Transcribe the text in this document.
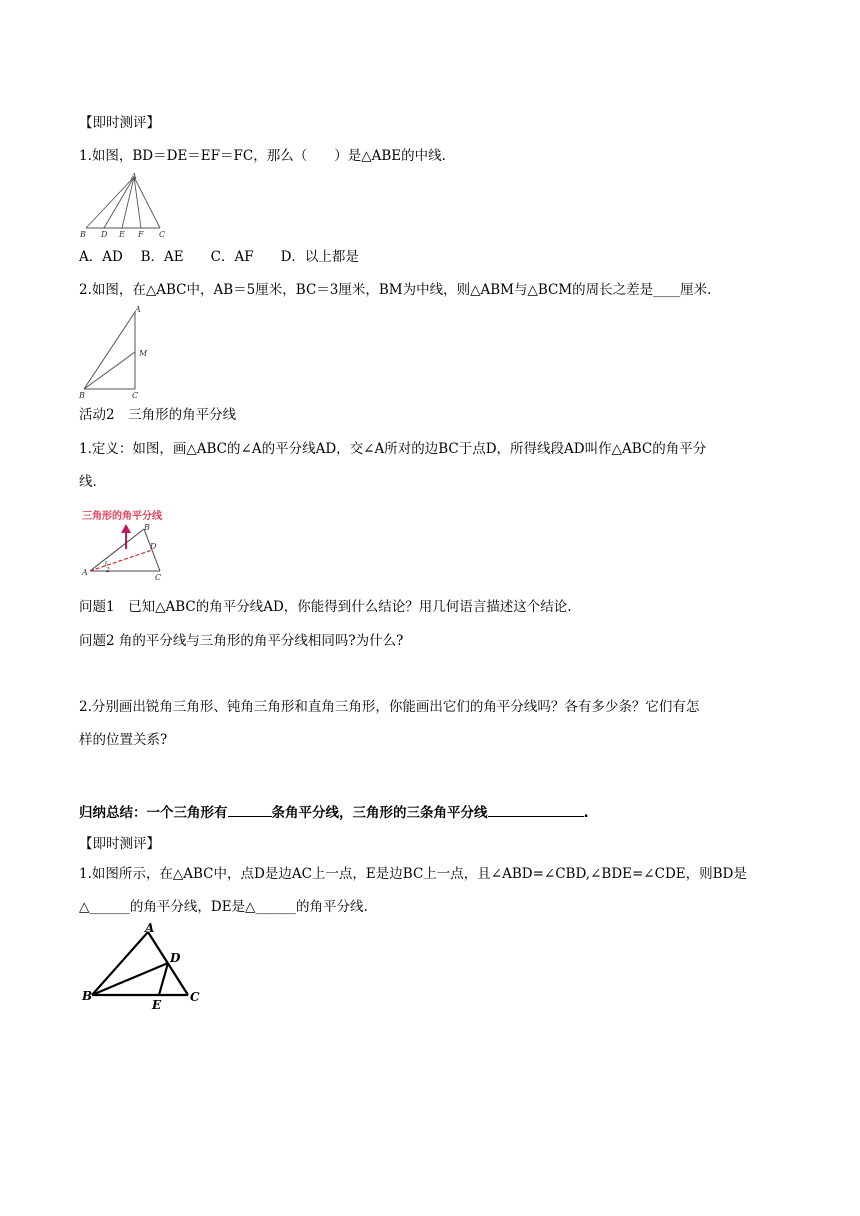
【即时测评】
1.如图，BD＝DE＝EF＝FC，那么（　　）是△ABE的中线.
A
B D E F C
A．AD　 B．AE　　C．AF　　D．以上都是
2.如图，在△ABC中，AB＝5厘米，BC＝3厘米，BM为中线，则△ABM与△BCM的周长之差是____厘米.
A
M
B	C
活动2　三角形的角平分线
1.定义：如图，画△ABC的∠A的平分线AD，交∠A所对的边BC于点D，所得线段AD叫作△ABC的角平分
线.
三角形的角平分线
A
B
C
D
1
2
问题1　已知△ABC的角平分线AD，你能得到什么结论？用几何语言描述这个结论.
问题2 角的平分线与三角形的角平分线相同吗?为什么?
2.分别画出锐角三角形、钝角三角形和直角三角形，你能画出它们的角平分线吗？各有多少条？它们有怎
样的位置关系?
归纳总结：一个三角形有	条角平分线，三角形的三条角平分线	.
【即时测评】
1.如图所示，在△ABC中，点D是边AC上一点，E是边BC上一点，且∠ABD=∠CBD,∠BDE=∠CDE，则BD是
△______的角平分线，DE是△______的角平分线.
A
B	C
D
E
